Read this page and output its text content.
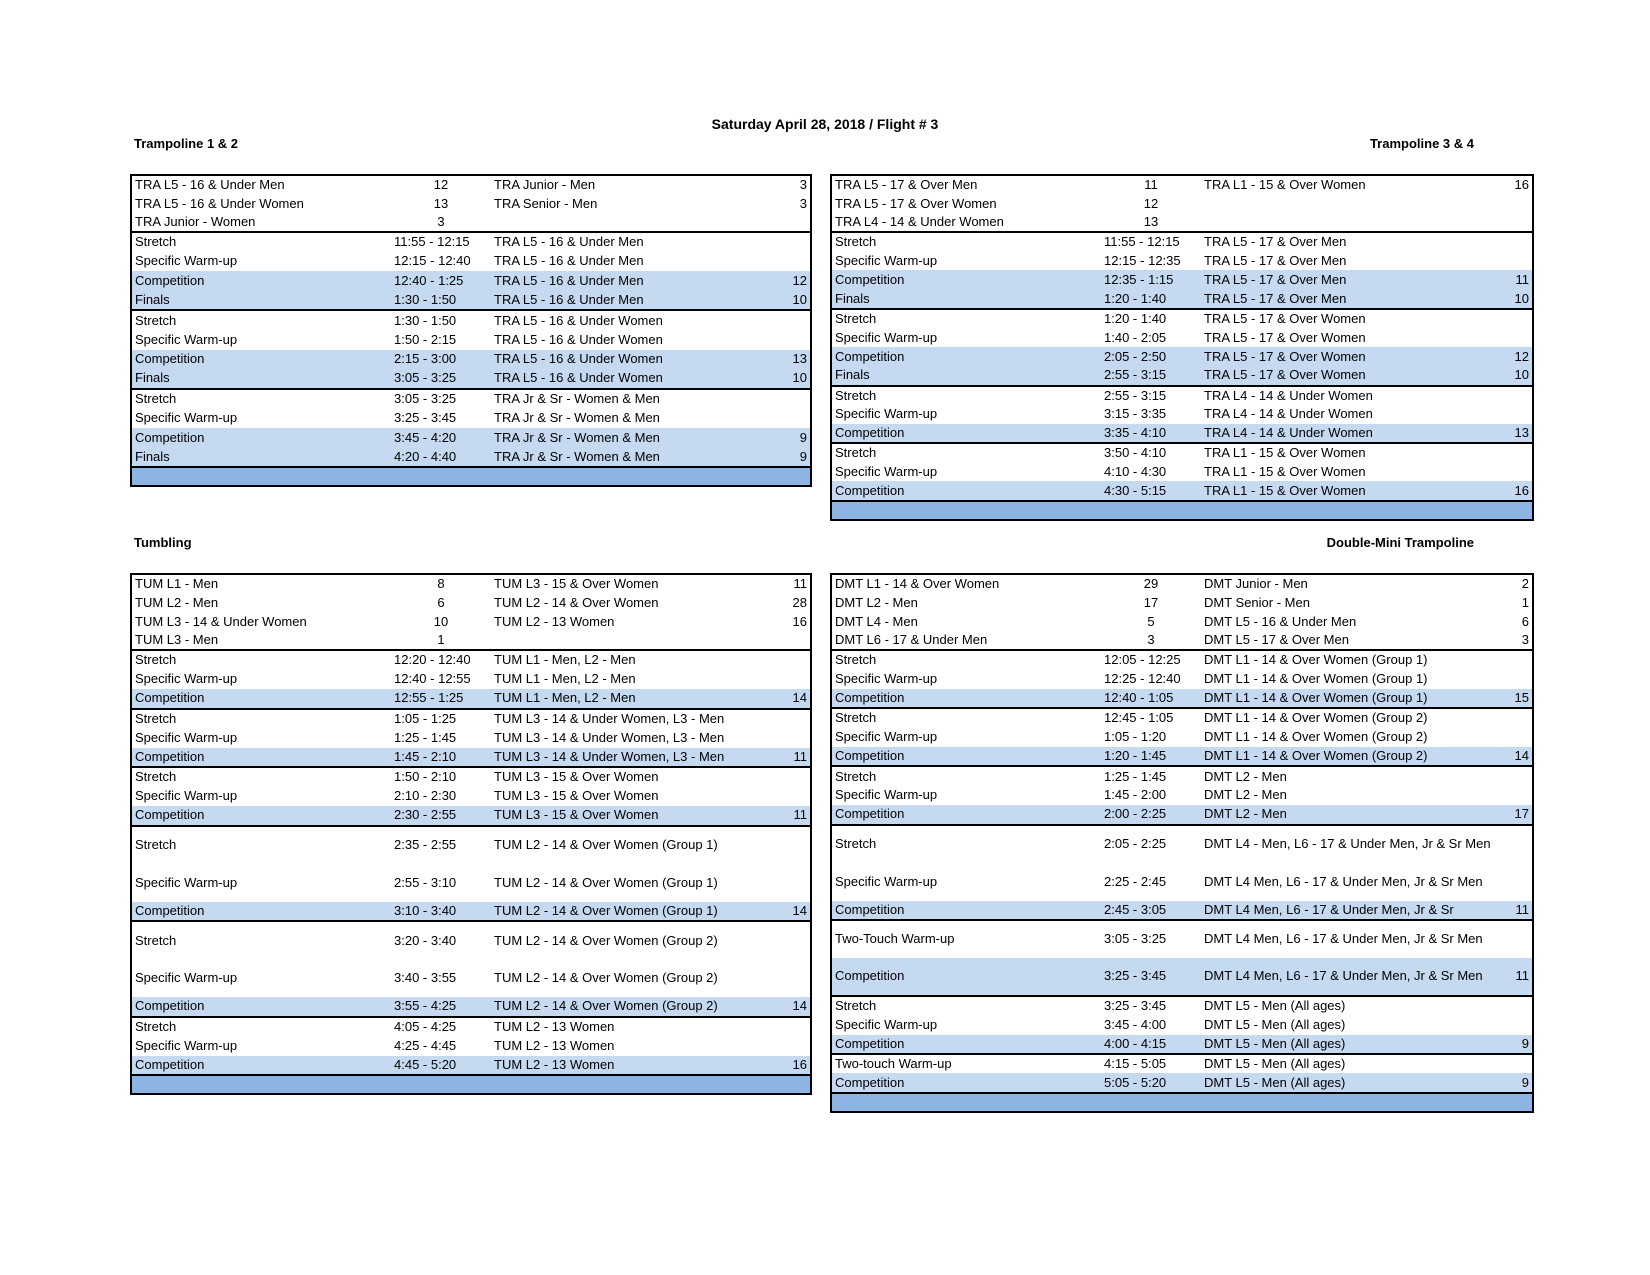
Saturday April 28, 2018 / Flight # 3
Trampoline 1 & 2	Trampoline 3 & 4
Tumbling	Double-Mini Trampoline
TRA L5 - 16 & Under Men	12	TRA Junior - Men	3
TRA L5 - 16 & Under Women	13	TRA Senior - Men	3
TRA Junior - Women	3		
Stretch	11:55 - 12:15	TRA L5 - 16 & Under Men	
Specific Warm-up	12:15 - 12:40	TRA L5 - 16 & Under Men	
Competition	12:40 - 1:25	TRA L5 - 16 & Under Men	12
Finals	1:30 - 1:50	TRA L5 - 16 & Under Men	10
Stretch	1:30 - 1:50	TRA L5 - 16 & Under Women	
Specific Warm-up	1:50 - 2:15	TRA L5 - 16 & Under Women	
Competition	2:15 - 3:00	TRA L5 - 16 & Under Women	13
Finals	3:05 - 3:25	TRA L5 - 16 & Under Women	10
Stretch	3:05 - 3:25	TRA Jr & Sr - Women & Men	
Specific Warm-up	3:25 - 3:45	TRA Jr & Sr - Women & Men	
Competition	3:45 - 4:20	TRA Jr & Sr - Women & Men	9
Finals	4:20 - 4:40	TRA Jr & Sr - Women & Men	9

TRA L5 - 17 & Over Men	11	TRA L1 - 15 & Over Women	16
TRA L5 - 17 & Over Women	12		
TRA L4 - 14 & Under Women	13		
Stretch	11:55 - 12:15	TRA L5 - 17 & Over Men	
Specific Warm-up	12:15 - 12:35	TRA L5 - 17 & Over Men	
Competition	12:35 - 1:15	TRA L5 - 17 & Over Men	11
Finals	1:20 - 1:40	TRA L5 - 17 & Over Men	10
Stretch	1:20 - 1:40	TRA L5 - 17 & Over Women	
Specific Warm-up	1:40 - 2:05	TRA L5 - 17 & Over Women	
Competition	2:05 - 2:50	TRA L5 - 17 & Over Women	12
Finals	2:55 - 3:15	TRA L5 - 17 & Over Women	10
Stretch	2:55 - 3:15	TRA L4 - 14 & Under Women	
Specific Warm-up	3:15 - 3:35	TRA L4 - 14 & Under Women	
Competition	3:35 - 4:10	TRA L4 - 14 & Under Women	13
Stretch	3:50 - 4:10	TRA L1 - 15 & Over Women	
Specific Warm-up	4:10 - 4:30	TRA L1 - 15 & Over Women	
Competition	4:30 - 5:15	TRA L1 - 15 & Over Women	16

TUM L1 - Men	8	TUM L3 - 15 & Over Women	11
TUM L2 - Men	6	TUM L2 - 14 & Over Women	28
TUM L3 - 14 & Under Women	10	TUM L2 - 13 Women	16
TUM L3 - Men	1		
Stretch	12:20 - 12:40	TUM L1 - Men, L2 - Men	
Specific Warm-up	12:40 - 12:55	TUM L1 - Men, L2 - Men	
Competition	12:55 - 1:25	TUM L1 - Men, L2 - Men	14
Stretch	1:05 - 1:25	TUM L3 - 14 & Under Women, L3 - Men	
Specific Warm-up	1:25 - 1:45	TUM L3 - 14 & Under Women, L3 - Men	
Competition	1:45 - 2:10	TUM L3 - 14 & Under Women, L3 - Men	11
Stretch	1:50 - 2:10	TUM L3 - 15 & Over Women	
Specific Warm-up	2:10 - 2:30	TUM L3 - 15 & Over Women	
Competition	2:30 - 2:55	TUM L3 - 15 & Over Women	11
Stretch	2:35 - 2:55	TUM L2 - 14 & Over Women (Group 1)	
Specific Warm-up	2:55 - 3:10	TUM L2 - 14 & Over Women (Group 1)	
Competition	3:10 - 3:40	TUM L2 - 14 & Over Women (Group 1)	14
Stretch	3:20 - 3:40	TUM L2 - 14 & Over Women (Group 2)	
Specific Warm-up	3:40 - 3:55	TUM L2 - 14 & Over Women (Group 2)	
Competition	3:55 - 4:25	TUM L2 - 14 & Over Women (Group 2)	14
Stretch	4:05 - 4:25	TUM L2 - 13 Women	
Specific Warm-up	4:25 - 4:45	TUM L2 - 13 Women	
Competition	4:45 - 5:20	TUM L2 - 13 Women	16

DMT L1 - 14 & Over Women	29	DMT Junior - Men	2
DMT L2 - Men	17	DMT Senior - Men	1
DMT L4 - Men	5	DMT L5 - 16 & Under Men	6
DMT L6 - 17 & Under Men	3	DMT L5 - 17 & Over Men	3
Stretch	12:05 - 12:25	DMT L1 - 14 & Over Women (Group 1)	
Specific Warm-up	12:25 - 12:40	DMT L1 - 14 & Over Women (Group 1)	
Competition	12:40 - 1:05	DMT L1 - 14 & Over Women (Group 1)	15
Stretch	12:45 - 1:05	DMT L1 - 14 & Over Women (Group 2)	
Specific Warm-up	1:05 - 1:20	DMT L1 - 14 & Over Women (Group 2)	
Competition	1:20 - 1:45	DMT L1 - 14 & Over Women (Group 2)	14
Stretch	1:25 - 1:45	DMT L2 - Men	
Specific Warm-up	1:45 - 2:00	DMT L2 - Men	
Competition	2:00 - 2:25	DMT L2 - Men	17
Stretch	2:05 - 2:25	DMT L4 - Men, L6 - 17 & Under Men, Jr & Sr Men	
Specific Warm-up	2:25 - 2:45	DMT L4 Men, L6 - 17 & Under Men, Jr & Sr Men	
Competition	2:45 - 3:05	DMT L4 Men, L6 - 17 & Under Men, Jr & Sr	11
Two-Touch Warm-up	3:05 - 3:25	DMT L4 Men, L6 - 17 & Under Men, Jr & Sr Men	
Competition	3:25 - 3:45	DMT L4 Men, L6 - 17 & Under Men, Jr & Sr Men	11
Stretch	3:25 - 3:45	DMT L5 - Men (All ages)	
Specific Warm-up	3:45 - 4:00	DMT L5 - Men (All ages)	
Competition	4:00 - 4:15	DMT L5 - Men (All ages)	9
Two-touch Warm-up	4:15 - 5:05	DMT L5 - Men (All ages)	
Competition	5:05 - 5:20	DMT L5 - Men (All ages)	9
